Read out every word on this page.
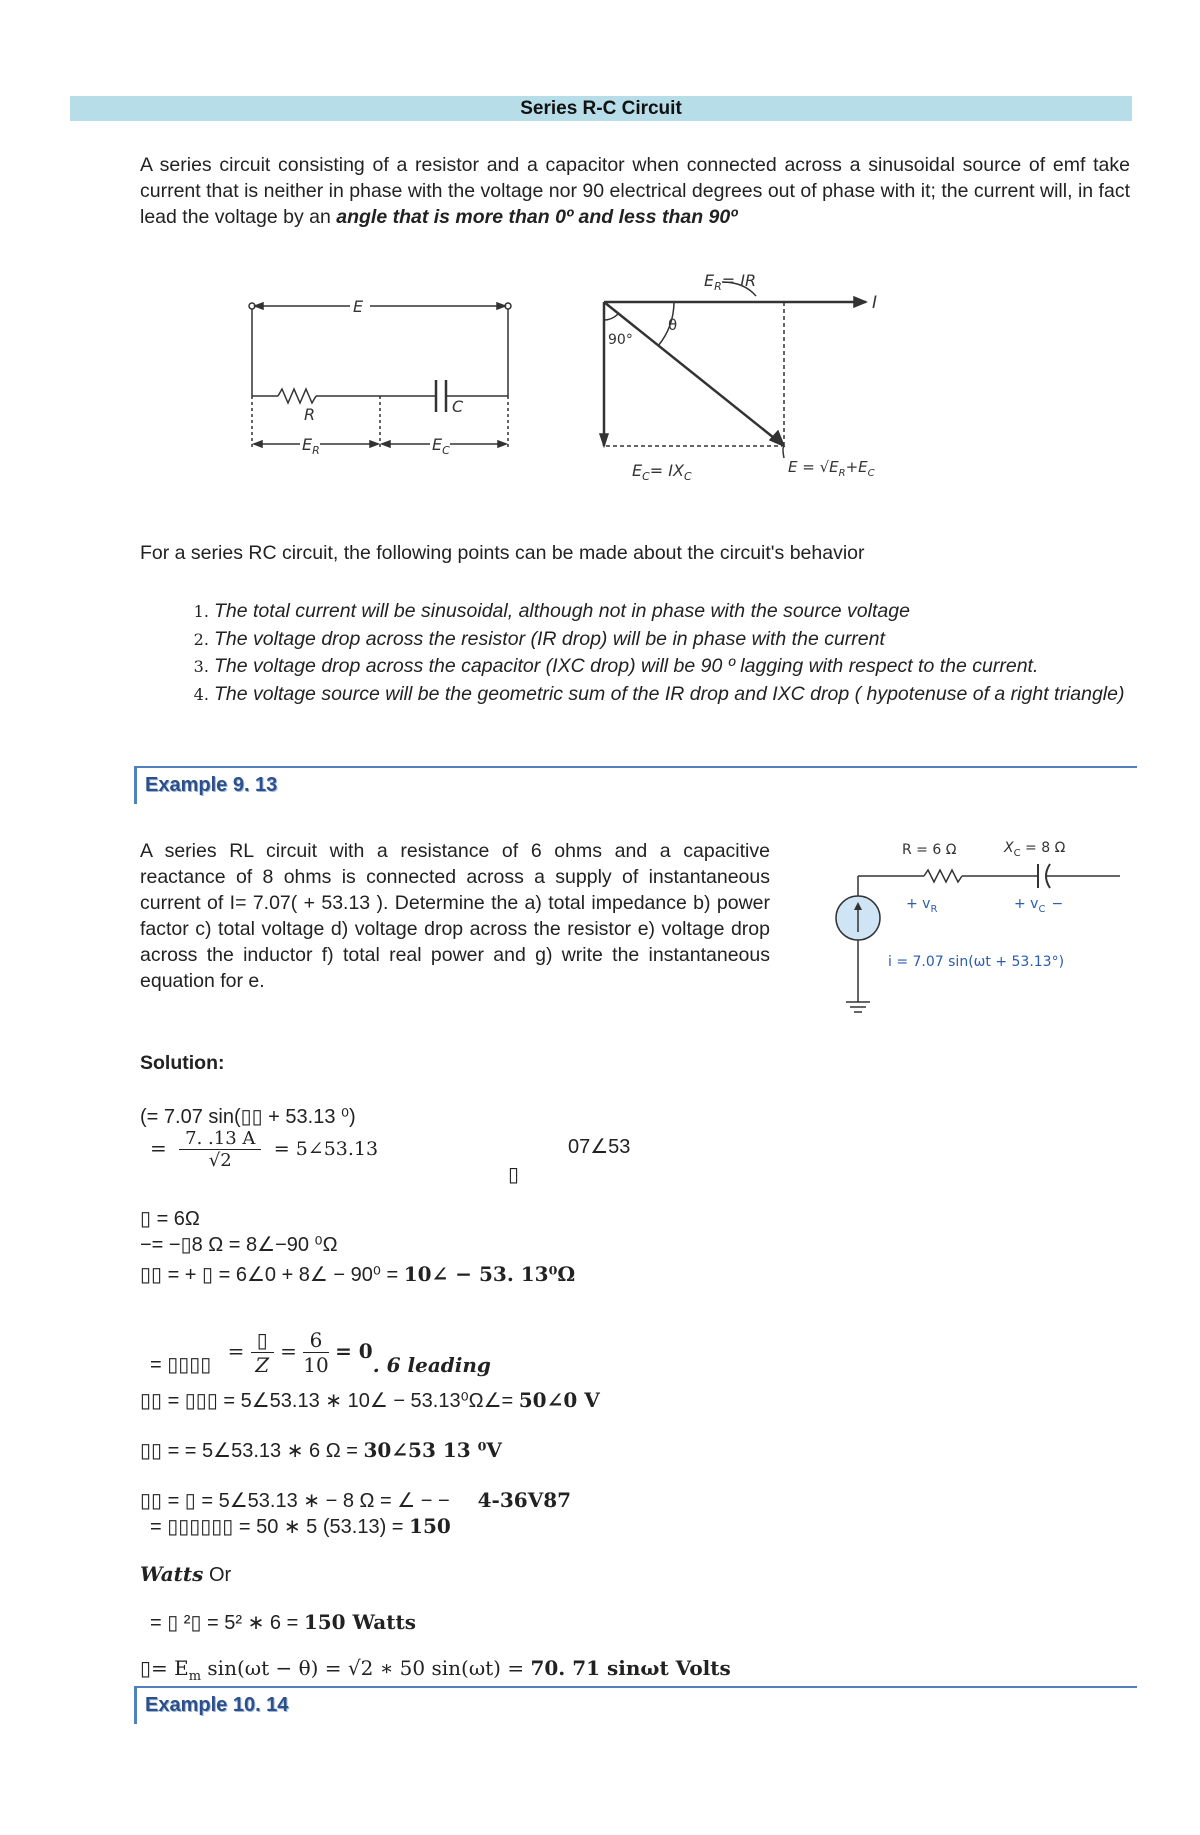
Series R-C Circuit
A series circuit consisting of a resistor and a capacitor when connected across a sinusoidal source of emf take current that is neither in phase with the voltage nor 90 electrical degrees out of phase with it; the current will, in fact lead the voltage by an angle that is more than 0º and less than 90º
E
R	C
$E_R$	$E_C$
$E_R=$ IR
I
θ
90°
$E_C= IX_C$
$E = √E_R+E_C$
For a series RC circuit, the following points can be made about the circuit's behavior
1. The total current will be sinusoidal, although not in phase with the source voltage
2. The voltage drop across the resistor (IR drop) will be in phase with the current
3. The voltage drop across the capacitor (IXC drop) will be 90 º lagging with respect to the current.
4. The voltage source will be the geometric sum of the IR drop and IXC drop ( hypotenuse of a right triangle)
Example 9. 13
A series RL circuit with a resistance of 6 ohms and a capacitive reactance of 8 ohms is connected across a supply of instantaneous current of I= 7.07( + 53.13 ). Determine the a) total impedance b) power factor c) total voltage d) voltage drop across the resistor e) voltage drop across the inductor f) total real power and g) write the instantaneous equation for e.
R = 6 Ω	$X_C = 8$ Ω
+ $v_R$	+ $v_C$ −
i = 7.07 sin(ωt + 53.13°)
Solution:
(= 7.07 sin(▯▯ + 53.13 ⁰)
= $\frac{7. .13 A}{√2}$ = 5∠53.13	07∠53
▯
▯ = 6Ω
−= −▯8 Ω = 8∠−90 ⁰Ω
▯▯ = + ▯ = 6∠0 + 8∠ − 90⁰ = 10∠ − 53. 13⁰Ω
= ▯▯▯▯ = $\frac{▯}{Z} = \frac{6}{10}$ = 𝟎. 6 leading
▯▯ = ▯▯▯ = 5∠53.13 ∗ 10∠ − 53.13⁰Ω∠= 50∠0 V
▯▯ = = 5∠53.13 ∗ 6 Ω = 30∠53 13 ⁰V
▯▯ = ▯ = 5∠53.13 ∗ − 8 Ω = ∠ − − 4‑36V87
= ▯▯▯▯▯▯ = 50 ∗ 5 (53.13) = 150
Watts Or
= ▯ ²▯ = 5² ∗ 6 = 150 Watts
▯= $E_m$ sin(ωt − θ) = √2 ∗ 50 sin(ωt) = 70. 71 sinωt Volts
Example 10. 14
